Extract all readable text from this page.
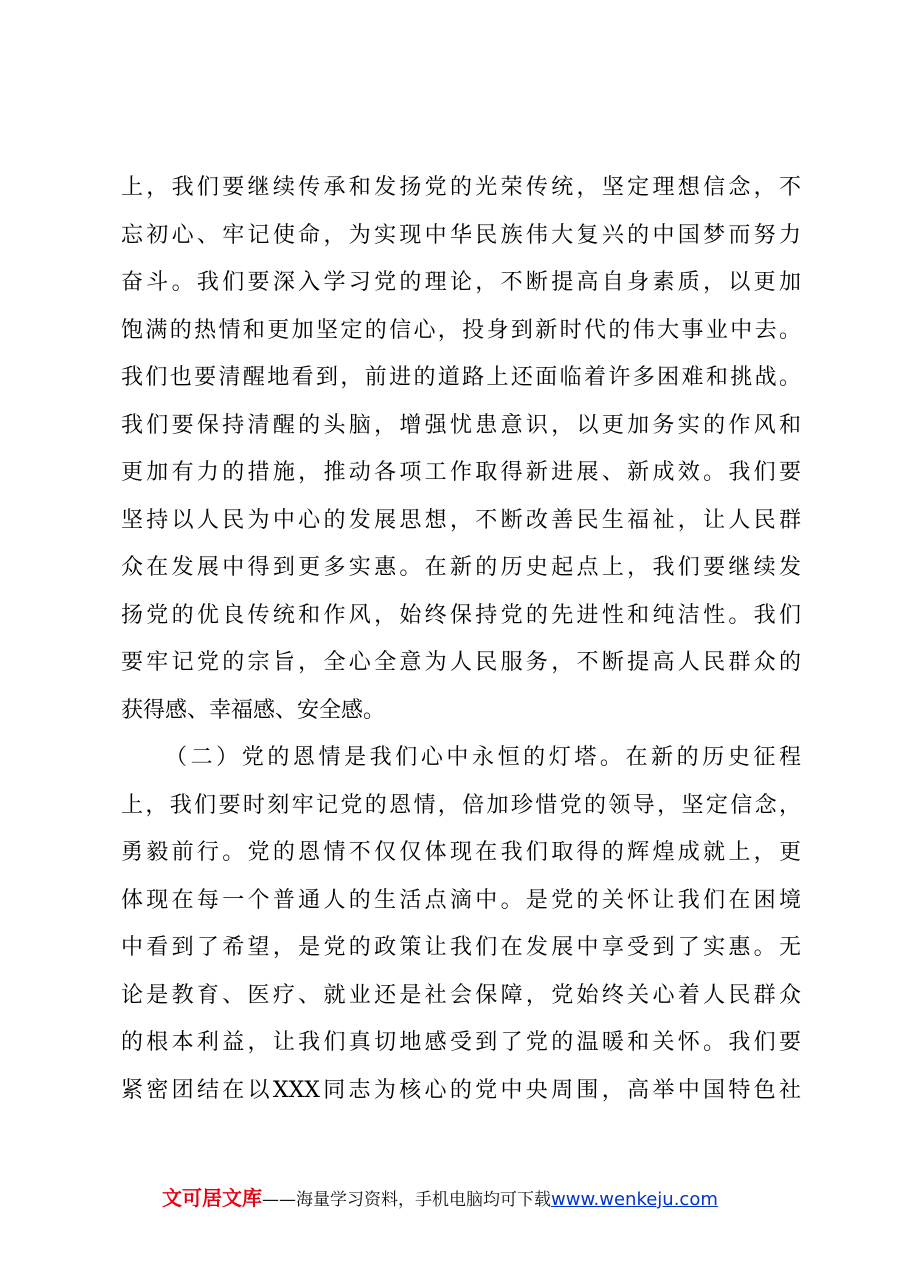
上，我们要继续传承和发扬党的光荣传统，坚定理想信念，不
忘初心、牢记使命，为实现中华民族伟大复兴的中国梦而努力
奋斗。我们要深入学习党的理论，不断提高自身素质，以更加
饱满的热情和更加坚定的信心，投身到新时代的伟大事业中去。
我们也要清醒地看到，前进的道路上还面临着许多困难和挑战。
我们要保持清醒的头脑，增强忧患意识，以更加务实的作风和
更加有力的措施，推动各项工作取得新进展、新成效。我们要
坚持以人民为中心的发展思想，不断改善民生福祉，让人民群
众在发展中得到更多实惠。在新的历史起点上，我们要继续发
扬党的优良传统和作风，始终保持党的先进性和纯洁性。我们
要牢记党的宗旨，全心全意为人民服务，不断提高人民群众的
获得感、幸福感、安全感。
（二）党的恩情是我们心中永恒的灯塔。在新的历史征程
上，我们要时刻牢记党的恩情，倍加珍惜党的领导，坚定信念，
勇毅前行。党的恩情不仅仅体现在我们取得的辉煌成就上，更
体现在每一个普通人的生活点滴中。是党的关怀让我们在困境
中看到了希望，是党的政策让我们在发展中享受到了实惠。无
论是教育、医疗、就业还是社会保障，党始终关心着人民群众
的根本利益，让我们真切地感受到了党的温暖和关怀。我们要
紧密团结在以XXX同志为核心的党中央周围，高举中国特色社
文可居文库——海量学习资料，手机电脑均可下载www.wenkeju.com
